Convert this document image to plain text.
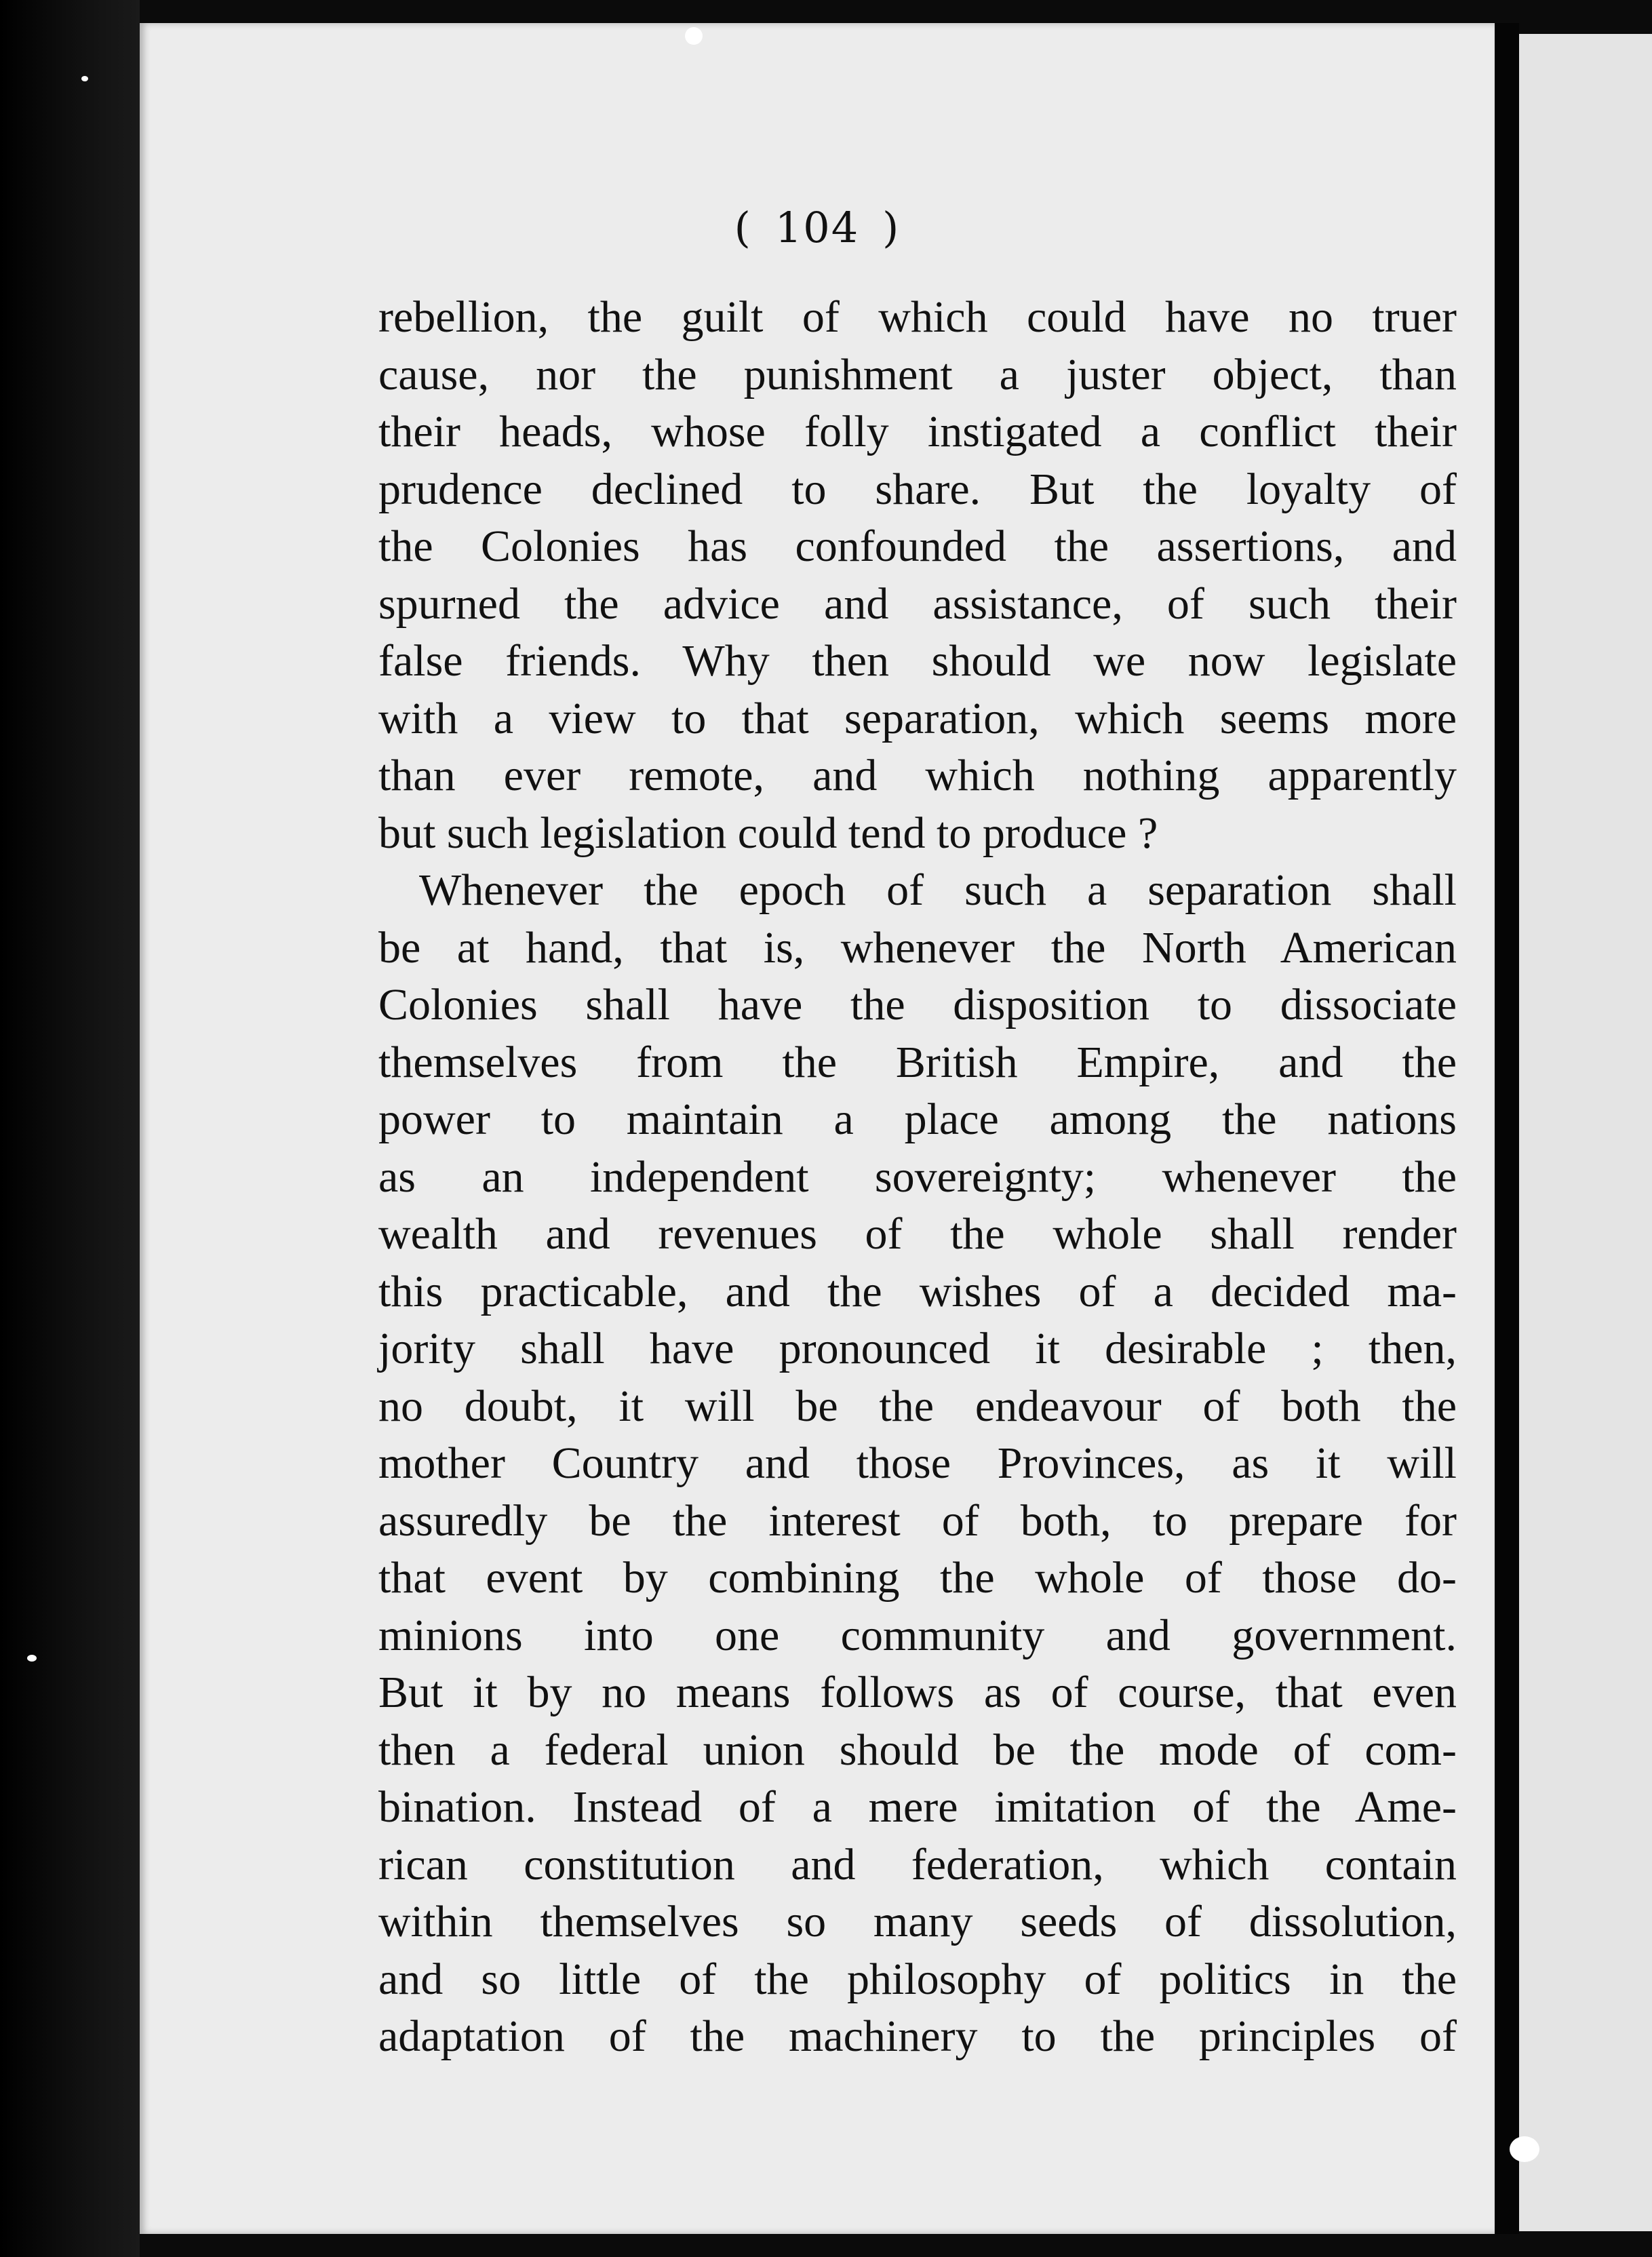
( 104 )
rebellion, the guilt of which could have no truer
cause, nor the punishment a juster object, than
their heads, whose folly instigated a conflict their
prudence declined to share. But the loyalty of
the Colonies has confounded the assertions, and
spurned the advice and assistance, of such their
false friends. Why then should we now legislate
with a view to that separation, which seems more
than ever remote, and which nothing apparently
but such legislation could tend to produce ?
Whenever the epoch of such a separation shall
be at hand, that is, whenever the North American
Colonies shall have the disposition to dissociate
themselves from the British Empire, and the
power to maintain a place among the nations
as an independent sovereignty; whenever the
wealth and revenues of the whole shall render
this practicable, and the wishes of a decided ma-
jority shall have pronounced it desirable ; then,
no doubt, it will be the endeavour of both the
mother Country and those Provinces, as it will
assuredly be the interest of both, to prepare for
that event by combining the whole of those do-
minions into one community and government.
But it by no means follows as of course, that even
then a federal union should be the mode of com-
bination. Instead of a mere imitation of the Ame-
rican constitution and federation, which contain
within themselves so many seeds of dissolution,
and so little of the philosophy of politics in the
adaptation of the machinery to the principles of
